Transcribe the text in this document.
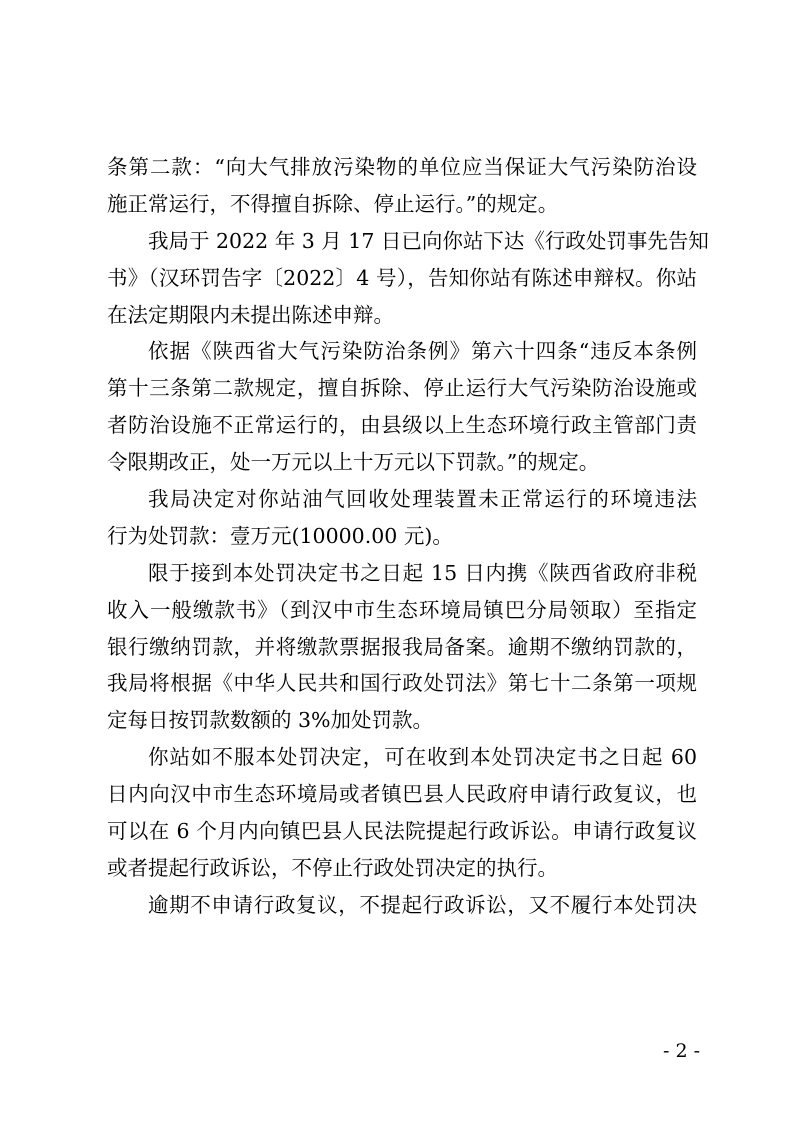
条第二款：“向大气排放污染物的单位应当保证大气污染防治设
施正常运行，不得擅自拆除、停止运行。”的规定。

我局于 2022 年 3 月 17 日已向你站下达《行政处罚事先告知
书》（汉环罚告字〔2022〕4 号），告知你站有陈述申辩权。你站
在法定期限内未提出陈述申辩。

依据《陕西省大气污染防治条例》第六十四条“违反本条例
第十三条第二款规定，擅自拆除、停止运行大气污染防治设施或
者防治设施不正常运行的，由县级以上生态环境行政主管部门责
令限期改正，处一万元以上十万元以下罚款。”的规定。

我局决定对你站油气回收处理装置未正常运行的环境违法
行为处罚款：壹万元(10000.00 元)。

限于接到本处罚决定书之日起 15 日内携《陕西省政府非税
收入一般缴款书》（到汉中市生态环境局镇巴分局领取）至指定
银行缴纳罚款，并将缴款票据报我局备案。逾期不缴纳罚款的，
我局将根据《中华人民共和国行政处罚法》第七十二条第一项规
定每日按罚款数额的 3%加处罚款。

你站如不服本处罚决定，可在收到本处罚决定书之日起 60
日内向汉中市生态环境局或者镇巴县人民政府申请行政复议，也
可以在 6 个月内向镇巴县人民法院提起行政诉讼。申请行政复议
或者提起行政诉讼，不停止行政处罚决定的执行。

逾期不申请行政复议，不提起行政诉讼，又不履行本处罚决

- 2 -
